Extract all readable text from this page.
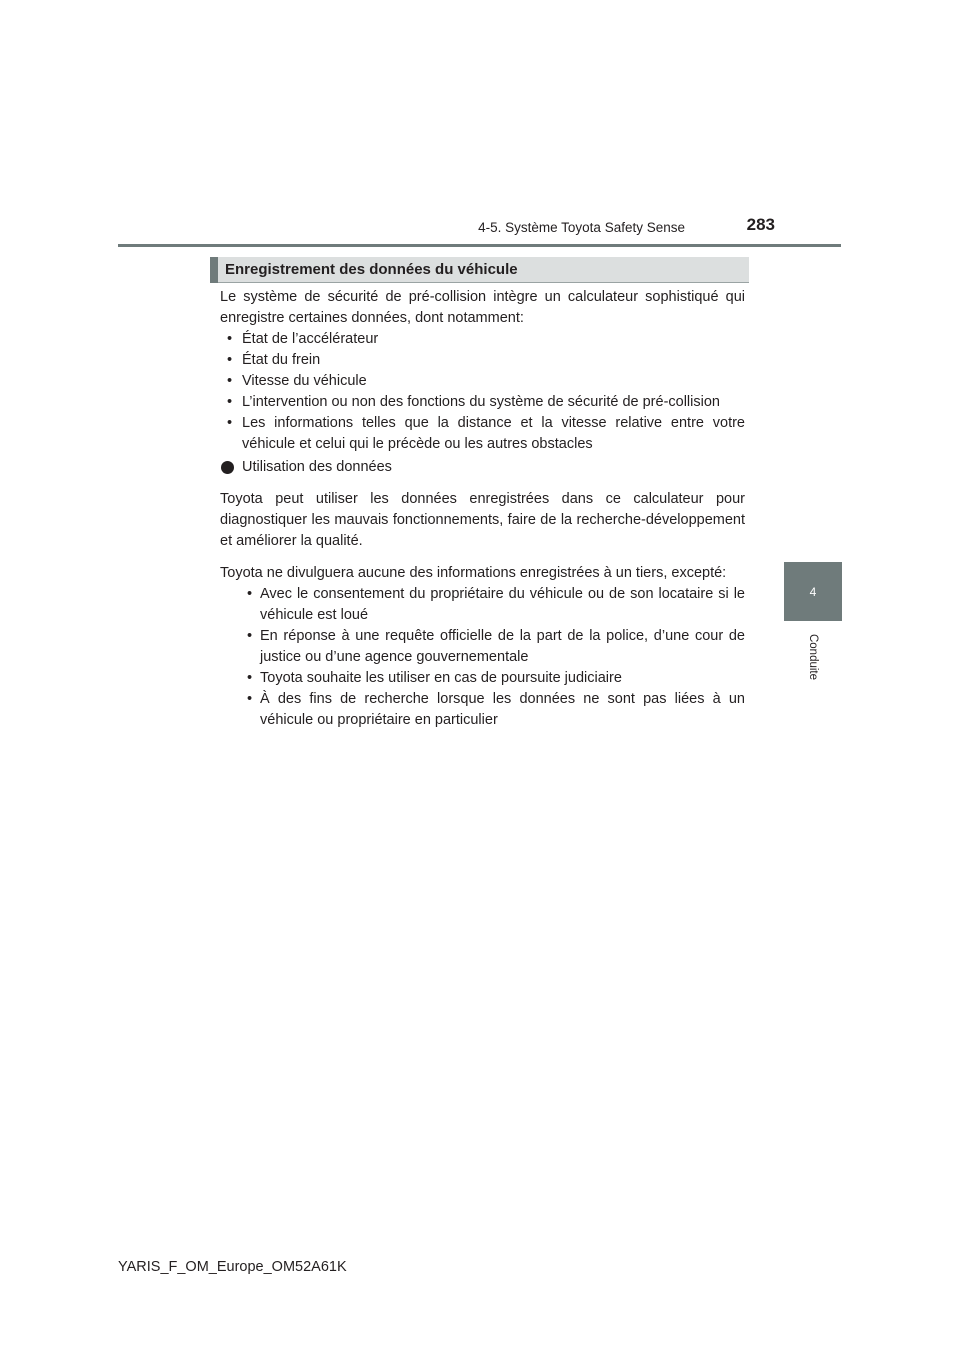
4-5. Système Toyota Safety Sense	283
4
Conduite
Enregistrement des données du véhicule

Le système de sécurité de pré-collision intègre un calculateur sophistiqué qui enregistre certaines données, dont notamment:

• État de l’accélérateur
• État du frein
• Vitesse du véhicule
• L’intervention ou non des fonctions du système de sécurité de pré-collision
• Les informations telles que la distance et la vitesse relative entre votre véhicule et celui qui le précède ou les autres obstacles

Utilisation des données

Toyota peut utiliser les données enregistrées dans ce calculateur pour diagnostiquer les mauvais fonctionnements, faire de la recherche-développement et améliorer la qualité.

Toyota ne divulguera aucune des informations enregistrées à un tiers, excepté:

• Avec le consentement du propriétaire du véhicule ou de son locataire si le véhicule est loué
• En réponse à une requête officielle de la part de la police, d’une cour de justice ou d’une agence gouvernementale
• Toyota souhaite les utiliser en cas de poursuite judiciaire
• À des fins de recherche lorsque les données ne sont pas liées à un véhicule ou propriétaire en particulier
YARIS_F_OM_Europe_OM52A61K
